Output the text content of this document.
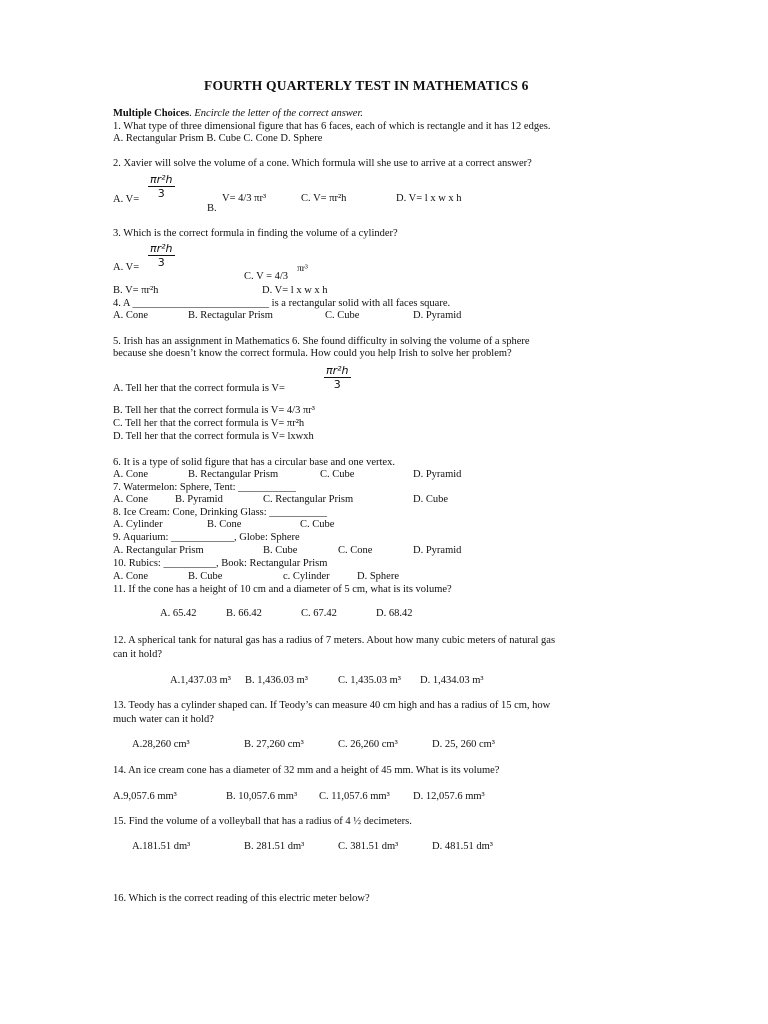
FOURTH QUARTERLY TEST IN MATHEMATICS 6
Multiple Choices. Encircle the letter of the correct answer.
1. What type of three dimensional figure that has 6 faces, each of which is rectangle and it has 12 edges.
A. Rectangular Prism B. Cube C. Cone D. Sphere
2. Xavier will solve the volume of a cone. Which formula will she use to arrive at a correct answer?
$\frac{\text{πr²h}}{3}$
A. V=
B.
V= 4/3 πr³	C. V= πr²h	D. V= l x w x h
3. Which is the correct formula in finding the volume of a cylinder?
$\frac{\text{πr²h}}{3}$
A. V=
C. V = 4/3
πr³
B. V= πr²h	D. V= l x w x h
4. A __________________________ is a rectangular solid with all faces square.
A. Cone	B. Rectagular Prism	C. Cube	D. Pyramid
5. Irish has an assignment in Mathematics 6. She found difficulty in solving the volume of a sphere
because she doesn’t know the correct formula. How could you help Irish to solve her problem?
$\frac{\text{πr²h}}{3}$
A. Tell her that the correct formula is V=
B. Tell her that the correct formula is V= 4/3 πr³
C. Tell her that the correct formula is V= πr²h
D. Tell her that the correct formula is V= lxwxh
6. It is a type of solid figure that has a circular base and one vertex.
A. Cone	B. Rectangular Prism	C. Cube	D. Pyramid
7. Watermelon: Sphere, Tent: ___________
A. Cone	B. Pyramid	C. Rectangular Prism	D. Cube
8. Ice Cream: Cone, Drinking Glass: ___________
A. Cylinder	B. Cone	C. Cube
9. Aquarium: ____________, Globe: Sphere
A. Rectangular Prism	B. Cube	C. Cone	D. Pyramid
10. Rubics: __________, Book: Rectangular Prism
A. Cone	B. Cube	c. Cylinder	D. Sphere
11. If the cone has a height of 10 cm and a diameter of 5 cm, what is its volume?
A. 65.42	B. 66.42	C. 67.42	D. 68.42
12. A spherical tank for natural gas has a radius of 7 meters. About how many cubic meters of natural gas
can it hold?
A.1,437.03 m³ B. 1,436.03 m³	C. 1,435.03 m³ D. 1,434.03 m³
13. Teody has a cylinder shaped can. If Teody’s can measure 40 cm high and has a radius of 15 cm, how
much water can it hold?
A.28,260 cm³	B. 27,260 cm³	C. 26,260 cm³	D. 25, 260 cm³
14. An ice cream cone has a diameter of 32 mm and a height of 45 mm. What is its volume?
A.9,057.6 mm³	B. 10,057.6 mm³ C. 11,057.6 mm³ D. 12,057.6 mm³
15. Find the volume of a volleyball that has a radius of 4 ½ decimeters.
A.181.51 dm³	B. 281.51 dm³	C. 381.51 dm³	D. 481.51 dm³
16. Which is the correct reading of this electric meter below?
